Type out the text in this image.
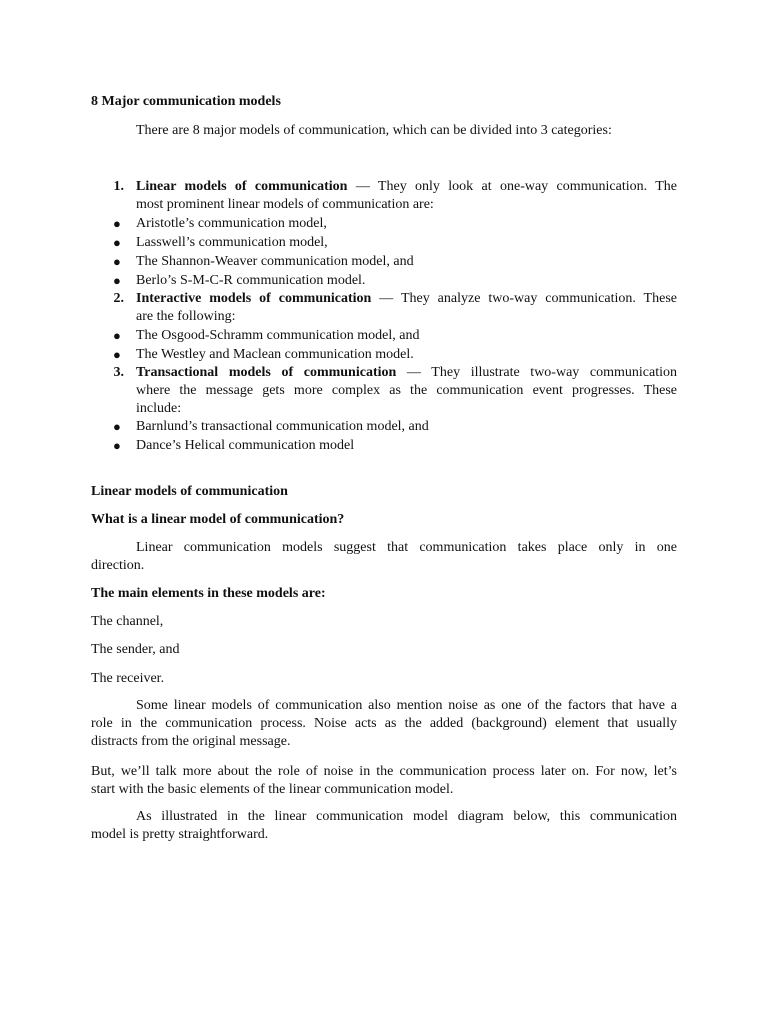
8 Major communication models
There are 8 major models of communication, which can be divided into 3 categories:
1. Linear models of communication — They only look at one-way communication. The
most prominent linear models of communication are:
● Aristotle’s communication model,
● Lasswell’s communication model,
● The Shannon-Weaver communication model, and
● Berlo’s S-M-C-R communication model.
2. Interactive models of communication — They analyze two-way communication. These
are the following:
● The Osgood-Schramm communication model, and
● The Westley and Maclean communication model.
3. Transactional models of communication — They illustrate two-way communication
where the message gets more complex as the communication event progresses. These
include:
● Barnlund’s transactional communication model, and
● Dance’s Helical communication model
Linear models of communication
What is a linear model of communication?
Linear communication models suggest that communication takes place only in one
direction.
The main elements in these models are:
The channel,
The sender, and
The receiver.
Some linear models of communication also mention noise as one of the factors that have a
role in the communication process. Noise acts as the added (background) element that usually
distracts from the original message.
But, we’ll talk more about the role of noise in the communication process later on. For now, let’s
start with the basic elements of the linear communication model.
As illustrated in the linear communication model diagram below, this communication
model is pretty straightforward.
